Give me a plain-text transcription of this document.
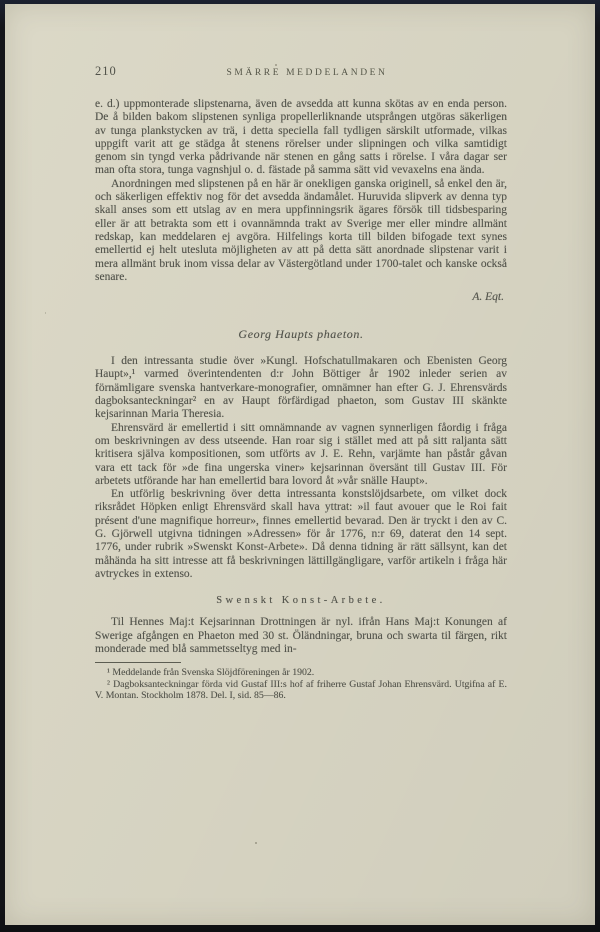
210	SMÄRRE MEDDELANDEN

e. d.) uppmonterade slipstenarna, även de avsedda att kunna skötas av en enda person. De å bilden bakom slipstenen synliga propellerliknande utsprången utgöras säkerligen av tunga plankstycken av trä, i detta speciella fall tydligen särskilt utformade, vilkas uppgift varit att ge städga åt stenens rörelser under slipningen och vilka samtidigt genom sin tyngd verka pådrivande när stenen en gång satts i rörelse. I våra dagar ser man ofta stora, tunga vagnshjul o. d. fästade på samma sätt vid vevaxelns ena ända.

Anordningen med slipstenen på en här är onekligen ganska originell, så enkel den är, och säkerligen effektiv nog för det avsedda ändamålet. Huruvida slipverk av denna typ skall anses som ett utslag av en mera uppfinningsrik ägares försök till tidsbesparing eller är att betrakta som ett i ovannämnda trakt av Sverige mer eller mindre allmänt redskap, kan meddelaren ej avgöra. Hilfelings korta till bilden bifogade text synes emellertid ej helt utesluta möjligheten av att på detta sätt anordnade slipstenar varit i mera allmänt bruk inom vissa delar av Västergötland under 1700-talet och kanske också senare.

A. Eqt.
Georg Haupts phaeton.

I den intressanta studie över »Kungl. Hofschatullmakaren och Ebenisten Georg Haupt»,¹ varmed överintendenten d:r John Böttiger år 1902 inleder serien av förnämligare svenska hantverkare-monografier, omnämner han efter G. J. Ehrensvärds dagboksanteckningar² en av Haupt förfärdigad phaeton, som Gustav III skänkte kejsarinnan Maria Theresia.

Ehrensvärd är emellertid i sitt omnämnande av vagnen synnerligen fåordig i fråga om beskrivningen av dess utseende. Han roar sig i stället med att på sitt raljanta sätt kritisera själva kompositionen, som utförts av J. E. Rehn, varjämte han påstår gåvan vara ett tack för »de fina ungerska viner» kejsarinnan översänt till Gustav III. För arbetets utförande har han emellertid bara lovord åt »vår snälle Haupt».

En utförlig beskrivning över detta intressanta konstslöjdsarbete, om vilket dock riksrådet Höpken enligt Ehrensvärd skall hava yttrat: »il faut avouer que le Roi fait présent d'une magnifique horreur», finnes emellertid bevarad. Den är tryckt i den av C. G. Gjörwell utgivna tidningen »Adressen» för år 1776, n:r 69, daterat den 14 sept. 1776, under rubrik »Swenskt Konst-Arbete». Då denna tidning är rätt sällsynt, kan det måhända ha sitt intresse att få beskrivningen lättillgängligare, varför artikeln i fråga här avtryckes in extenso.

Swenskt Konst-Arbete.

Til Hennes Maj:t Kejsarinnan Drottningen är nyl. ifrån Hans Maj:t Konungen af Swerige afgången en Phaeton med 30 st. Öländningar, bruna och swarta til färgen, rikt monderade med blå sammetsseltyg med in-

¹ Meddelande från Svenska Slöjdföreningen år 1902.

² Dagboksanteckningar förda vid Gustaf III:s hof af friherre Gustaf Johan Ehrensvärd. Utgifna af E. V. Montan. Stockholm 1878. Del. I, sid. 85—86.
